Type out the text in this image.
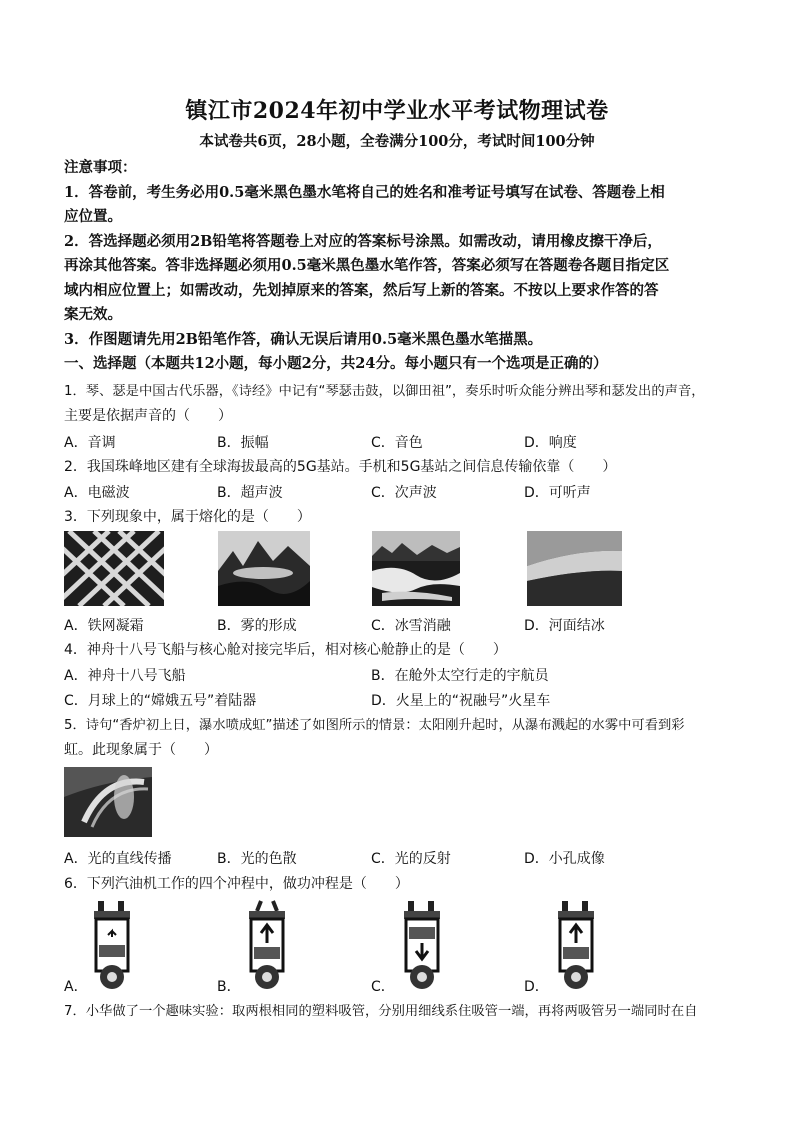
镇江市2024年初中学业水平考试物理试卷
本试卷共6页，28小题，全卷满分100分，考试时间100分钟
注意事项：
1．答卷前，考生务必用0.5毫米黑色墨水笔将自己的姓名和准考证号填写在试卷、答题卷上相
应位置。
2．答选择题必须用2B铅笔将答题卷上对应的答案标号涂黑。如需改动，请用橡皮擦干净后，
再涂其他答案。答非选择题必须用0.5毫米黑色墨水笔作答，答案必须写在答题卷各题目指定区
域内相应位置上；如需改动，先划掉原来的答案，然后写上新的答案。不按以上要求作答的答
案无效。
3．作图题请先用2B铅笔作答，确认无误后请用0.5毫米黑色墨水笔描黑。
一、选择题（本题共12小题，每小题2分，共24分。每小题只有一个选项是正确的）
1．琴、瑟是中国古代乐器，《诗经》中记有“琴瑟击鼓，以御田祖”，奏乐时听众能分辨出琴和瑟发出的声音，
主要是依据声音的（　　）
A．音调	B．振幅	C．音色	D．响度
2．我国珠峰地区建有全球海拔最高的5G基站。手机和5G基站之间信息传输依靠（　　）
A．电磁波	B．超声波	C．次声波	D．可听声
3．下列现象中，属于熔化的是（　　）
A．铁网凝霜	B．雾的形成	C．冰雪消融	D．河面结冰
4．神舟十八号飞船与核心舱对接完毕后，相对核心舱静止的是（　　）
A．神舟十八号飞船	B．在舱外太空行走的宇航员
C．月球上的“嫦娥五号”着陆器	D．火星上的“祝融号”火星车
5．诗句“香炉初上日，瀑水喷成虹”描述了如图所示的情景：太阳刚升起时，从瀑布溅起的水雾中可看到彩
虹。此现象属于（　　）
A．光的直线传播	B．光的色散	C．光的反射	D．小孔成像
6．下列汽油机工作的四个冲程中，做功冲程是（　　）
A．	B．	C．	D．
7．小华做了一个趣味实验：取两根相同的塑料吸管，分别用细线系住吸管一端，再将两吸管另一端同时在自
